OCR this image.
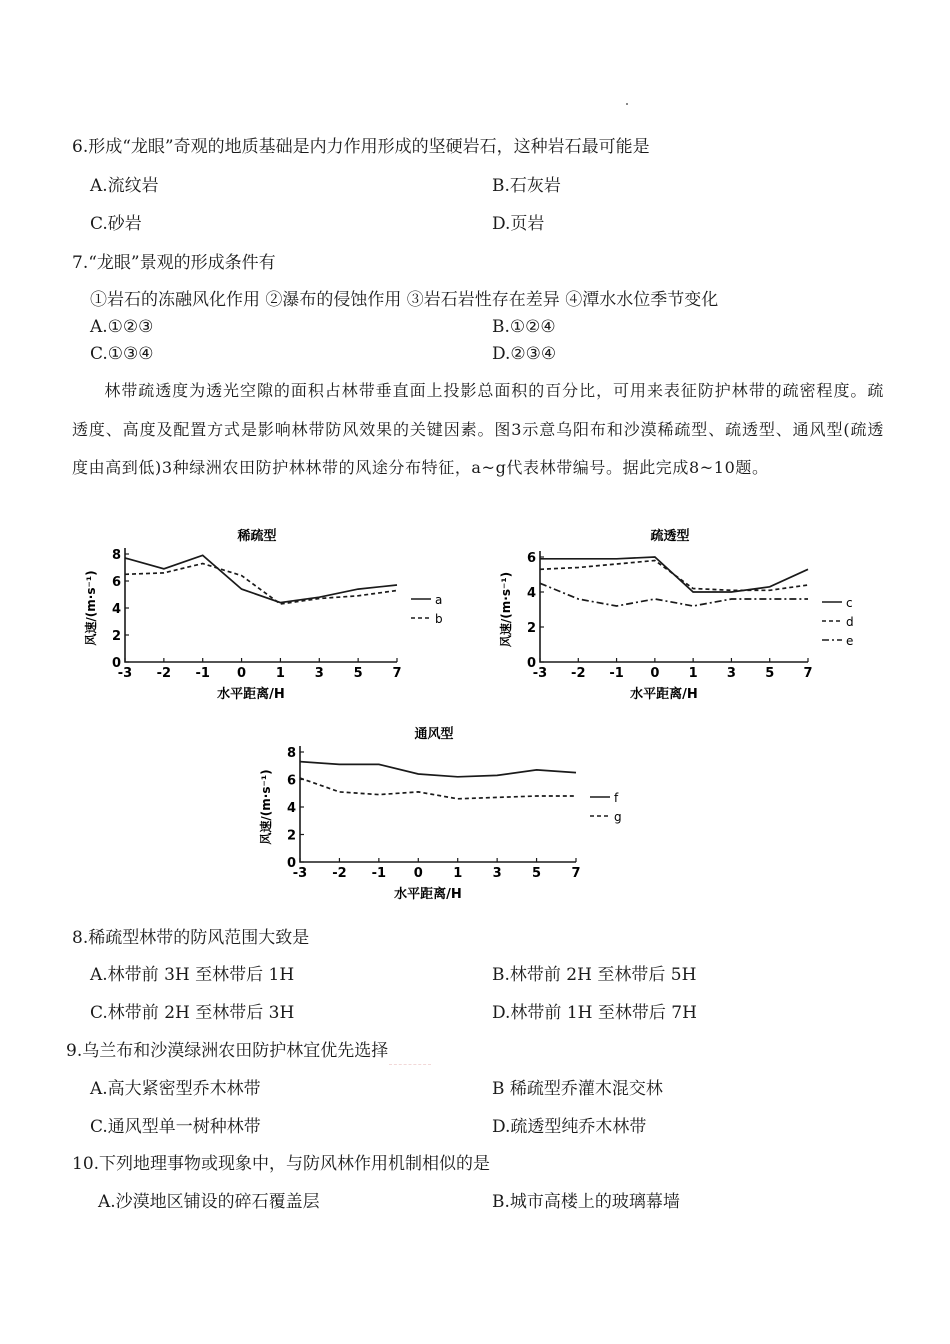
6.形成“龙眼”奇观的地质基础是内力作用形成的坚硬岩石，这种岩石最可能是
A.流纹岩	B.石灰岩
C.砂岩	D.页岩
7.“龙眼”景观的形成条件有
①岩石的冻融风化作用 ②瀑布的侵蚀作用 ③岩石岩性存在差异 ④潭水水位季节变化
A.①②③	B.①②④
C.①③④	D.②③④
林带疏透度为透光空隙的面积占林带垂直面上投影总面积的百分比，可用来表征防护林带的疏密程度。疏透度、高度及配置方式是影响林带防风效果的关键因素。图3示意乌阳布和沙漠稀疏型、疏透型、通风型(疏透度由高到低)3种绿洲农田防护林林带的风途分布特征，a~g代表林带编号。据此完成8~10题。
稀疏型
-3 -2 -1 0 1 3 5 7
0
2
4
6
8
水平距离/H
风速/(m·s⁻¹)	a
b
疏透型
-3 -2 -1 0 1 3 5 7
0
2
4
6
水平距离/H
风速/(m·s⁻¹)	c
d
e
通风型
-3 -2 -1 0 1 3 5 7
0
2
4
6
8
水平距离/H
风速/(m·s⁻¹)	f
g
8.稀疏型林带的防风范围大致是
A.林带前 3H 至林带后 1H	B.林带前 2H 至林带后 5H
C.林带前 2H 至林带后 3H	D.林带前 1H 至林带后 7H
9.乌兰布和沙漠绿洲农田防护林宜优先选择
A.高大紧密型乔木林带	B 稀疏型乔灌木混交林
C.通风型单一树种林带	D.疏透型纯乔木林带
10.下列地理事物或现象中，与防风林作用机制相似的是
A.沙漠地区铺设的碎石覆盖层	B.城市高楼上的玻璃幕墙
